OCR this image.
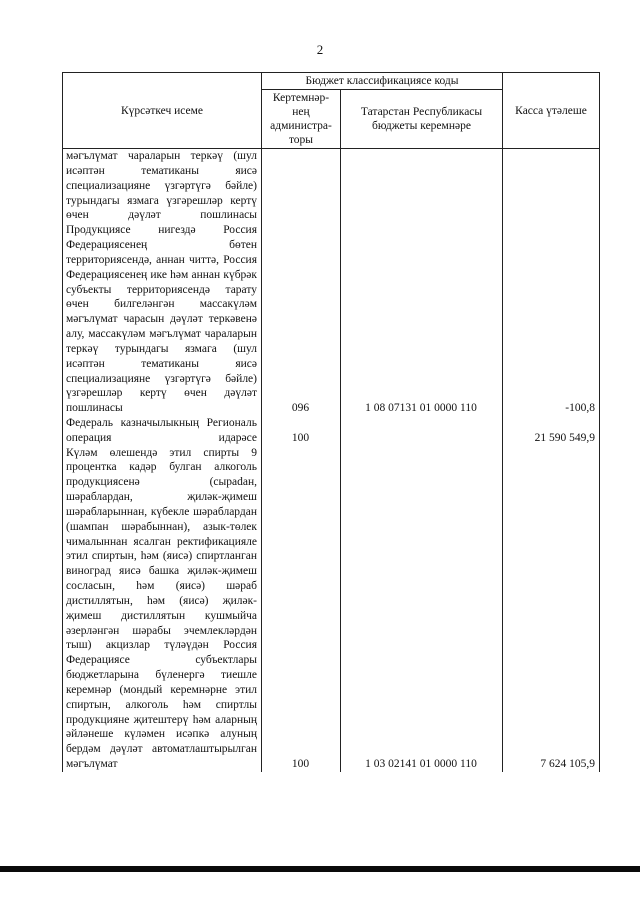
2
Күрсәткеч исеме	Бюджет классификациясе коды		Касса үтәлеше
	Кертемнәр-нең администра-торы	Татарстан Республикасы бюджеты керемнәре	
мәгълүмат чараларын теркәү (шул исәптән тематиканы яисә специализацияне үзгәртүгә бәйле) турындагы язмага үзгәрешләр кертү өчен дәүләт пошлинасы			
Продукциясе нигездә Россия Федерациясенең бөтен территориясендә, аннан читтә, Россия Федерациясенең ике һәм аннан күбрәк субъекты территориясендә тарату өчен билгеләнгән массакүләм мәгълүмат чарасын дәүләт теркәвенә алу, массакүләм мәгълүмат чараларын теркәү турындагы язмага (шул исәптән тематиканы яисә специализацияне үзгәртүгә бәйле) үзгәрешләр кертү өчен дәүләт пошлинасы	096	1 08 07131 01 0000 110	-100,8
Федераль казначылыкның Региональ операция идарәсе	100		21 590 549,9
Күләм өлешендә этил спирты 9 процентка кадәр булган алкоголь продукциясенә (сыраdан, шәраблардан, җиләк-җимеш шәрабларыннан, күбекле шәраблардан (шампан шәрабыннан), азык-төлек чималыннан ясалган ректификацияле этил спиртын, һәм (яисә) спиртланган виноград яисә башка җиләк-җимеш сосласын, һәм (яисә) шәраб дистиллятын, һәм (яисә) җиләк-җимеш дистиллятын кушмыйча әзерләнгән шәрабы эчемлекләрдән тыш) акцизлар түләүдән Россия Федерациясе субъектлары бюджетларына бүленергә тиешле керемнәр (мондый керемнәрне этил спиртын, алкоголь һәм спиртлы продукцияне җитештерү һәм аларның әйләнеше күләмен исәпкә алуның бердәм дәүләт автоматлаштырылган мәгълүмат	100	1 03 02141 01 0000 110	7 624 105,9
